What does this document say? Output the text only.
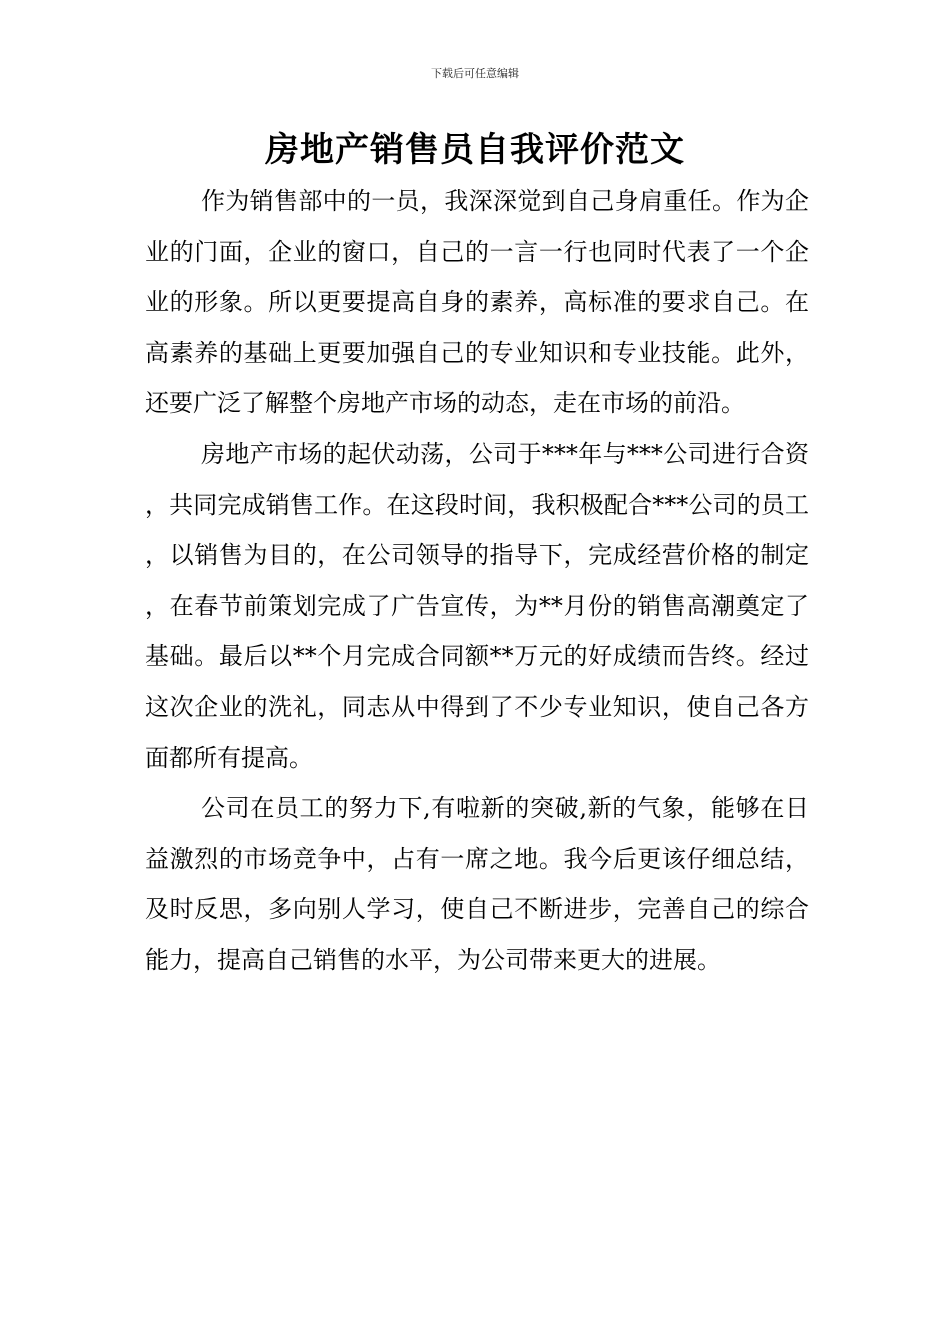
下载后可任意编辑
房地产销售员自我评价范文

作为销售部中的一员，我深深觉到自己身肩重任。作为企业的门面，企业的窗口，自己的一言一行也同时代表了一个企业的形象。所以更要提高自身的素养，高标准的要求自己。在高素养的基础上更要加强自己的专业知识和专业技能。此外，还要广泛了解整个房地产市场的动态，走在市场的前沿。

房地产市场的起伏动荡，公司于***年与***公司进行合资，共同完成销售工作。在这段时间，我积极配合***公司的员工，以销售为目的，在公司领导的指导下，完成经营价格的制定，在春节前策划完成了广告宣传，为**月份的销售高潮奠定了基础。最后以**个月完成合同额**万元的好成绩而告终。经过这次企业的洗礼，同志从中得到了不少专业知识，使自己各方面都所有提高。

公司在员工的努力下,有啦新的突破,新的气象，能够在日益激烈的市场竞争中，占有一席之地。我今后更该仔细总结，及时反思，多向别人学习，使自己不断进步，完善自己的综合能力，提高自己销售的水平，为公司带来更大的进展。
